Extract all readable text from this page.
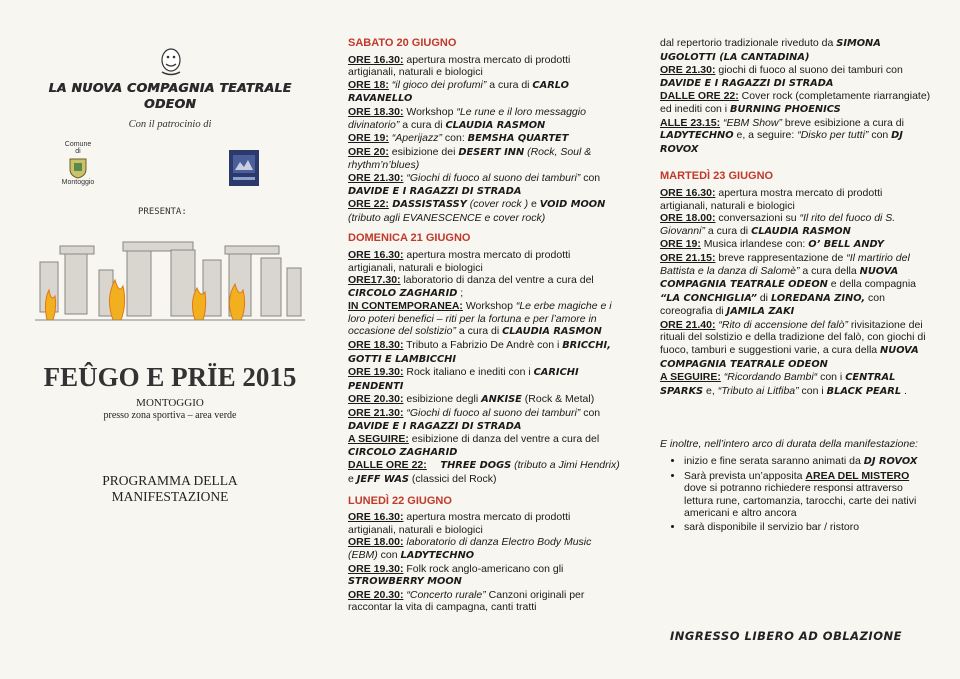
LA NUOVA COMPAGNIA TEATRALE
ODEON
Con il patrocinio di
Comune
di
Montoggio
PRESENTA:
FEÛGO E PRÏE 2015
MONTOGGIO
presso zona sportiva – area verde
PROGRAMMA DELLA
MANIFESTAZIONE

SABATO 20 GIUGNO

ORE 16.30: apertura mostra mercato di prodotti artigianali, naturali e biologici

ORE 18: “il gioco dei profumi” a cura di CARLO RAVANELLO

ORE 18.30: Workshop “Le rune e il loro messaggio divinatorio” a cura di CLAUDIA RASMON

ORE 19: “Aperijazz” con: BEMSHA QUARTET

ORE 20: esibizione dei DESERT INN (Rock, Soul & rhythm’n’blues)

ORE 21.30: “Giochi di fuoco al suono dei tamburi” con DAVIDE E I RAGAZZI DI STRADA

ORE 22: DASSISTASSY (cover rock ) e VOID MOON (tributo agli EVANESCENCE e cover rock)

DOMENICA 21 GIUGNO

ORE 16.30: apertura mostra mercato di prodotti artigianali, naturali e biologici

ORE17.30: laboratorio di danza del ventre a cura del CIRCOLO ZAGHARID ;

IN CONTEMPORANEA: Workshop “Le erbe magiche e i loro poteri benefici – riti per la fortuna e per l’amore in occasione del solstizio” a cura di CLAUDIA RASMON

ORE 18.30: Tributo a Fabrizio De Andrè con i BRICCHI, GOTTI E LAMBICCHI

ORE 19.30: Rock italiano e inediti con i CARICHI PENDENTI

ORE 20.30: esibizione degli ANKISE (Rock & Metal)

ORE 21.30: “Giochi di fuoco al suono dei tamburi” con DAVIDE E I RAGAZZI DI STRADA

A SEGUIRE: esibizione di danza del ventre a cura del CIRCOLO ZAGHARID

DALLE ORE 22:    THREE DOGS (tributo a Jimi Hendrix) e JEFF WAS (classici del Rock)

LUNEDÌ 22 GIUGNO

ORE 16.30: apertura mostra mercato di prodotti artigianali, naturali e biologici

ORE 18.00: laboratorio di danza Electro Body Music (EBM) con LADYTECHNO

ORE 19.30: Folk rock anglo-americano con gli STROWBERRY MOON

ORE 20.30: “Concerto rurale” Canzoni originali per raccontar la vita di campagna, canti tratti

dal repertorio tradizionale riveduto da SIMONA UGOLOTTI (LA CANTADINA)

ORE 21.30: giochi di fuoco al suono dei tamburi con DAVIDE E I RAGAZZI DI STRADA

DALLE ORE 22: Cover rock (completamente riarrangiate) ed inediti con i BURNING PHOENICS

ALLE 23.15: “EBM Show” breve esibizione a cura di LADYTECHNO e, a seguire: “Disko per tutti” con DJ ROVOX

MARTEDÌ 23 GIUGNO

ORE 16.30: apertura mostra mercato di prodotti artigianali, naturali e biologici

ORE 18.00: conversazioni su “Il rito del fuoco di S. Giovanni” a cura di CLAUDIA RASMON

ORE 19: Musica irlandese con: O’ BELL ANDY

ORE 21.15: breve rappresentazione de “Il martirio del Battista e la danza di Salomè” a cura della NUOVA COMPAGNIA TEATRALE ODEON e della compagnia “LA CONCHIGLIA” di LOREDANA ZINO, con coreografia di JAMILA ZAKI

ORE 21.40: “Rito di accensione del falò” rivisitazione dei rituali del solstizio e della tradizione del falò, con giochi di fuoco, tamburi e suggestioni varie, a cura della NUOVA COMPAGNIA TEATRALE ODEON

A SEGUIRE: “Ricordando Bambi“ con i CENTRAL SPARKS e, “Tributo ai Litfiba” con i BLACK PEARL .

E inoltre, nell’intero arco di durata della manifestazione:

• inizio e fine serata saranno animati da DJ ROVOX
• Sarà prevista un’apposita AREA DEL MISTERO dove si potranno richiedere responsi attraverso lettura rune, cartomanzia, tarocchi, carte dei nativi americani e altro ancora
• sarà disponibile il servizio bar / ristoro
INGRESSO LIBERO AD OBLAZIONE
